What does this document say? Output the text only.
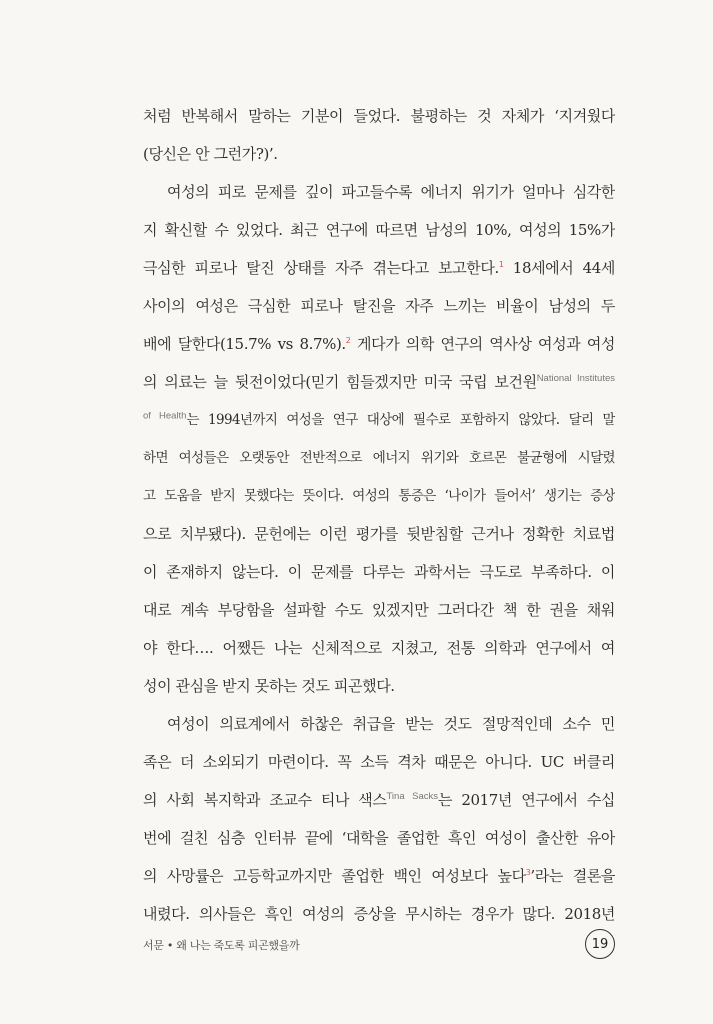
처럼 반복해서 말하는 기분이 들었다. 불평하는 것 자체가 ‘지겨웠다
(당신은 안 그런가?)’.
여성의 피로 문제를 깊이 파고들수록 에너지 위기가 얼마나 심각한
지 확신할 수 있었다. 최근 연구에 따르면 남성의 10%, 여성의 15%가
극심한 피로나 탈진 상태를 자주 겪는다고 보고한다.$^1$ 18세에서 44세
사이의 여성은 극심한 피로나 탈진을 자주 느끼는 비율이 남성의 두
배에 달한다(15.7% vs 8.7%).$^2$ 게다가 의학 연구의 역사상 여성과 여성
의 의료는 늘 뒷전이었다(믿기 힘들겠지만 미국 국립 보건원$^{National Institutes}$
$^{of Health}$는 1994년까지 여성을 연구 대상에 필수로 포함하지 않았다. 달리 말
하면 여성들은 오랫동안 전반적으로 에너지 위기와 호르몬 불균형에 시달렸
고 도움을 받지 못했다는 뜻이다. 여성의 통증은 ‘나이가 들어서’ 생기는 증상
으로 치부됐다). 문헌에는 이런 평가를 뒷받침할 근거나 정확한 치료법
이 존재하지 않는다. 이 문제를 다루는 과학서는 극도로 부족하다. 이
대로 계속 부당함을 설파할 수도 있겠지만 그러다간 책 한 권을 채워
야 한다…. 어쨌든 나는 신체적으로 지쳤고, 전통 의학과 연구에서 여
성이 관심을 받지 못하는 것도 피곤했다.
여성이 의료계에서 하찮은 취급을 받는 것도 절망적인데 소수 민
족은 더 소외되기 마련이다. 꼭 소득 격차 때문은 아니다. UC 버클리
의 사회 복지학과 조교수 티나 색스$^{Tina Sacks}$는 2017년 연구에서 수십
번에 걸친 심층 인터뷰 끝에 ‘대학을 졸업한 흑인 여성이 출산한 유아
의 사망률은 고등학교까지만 졸업한 백인 여성보다 높다$^3$’라는 결론을
내렸다. 의사들은 흑인 여성의 증상을 무시하는 경우가 많다. 2018년
서문 • 왜 나는 죽도록 피곤했을까	19
